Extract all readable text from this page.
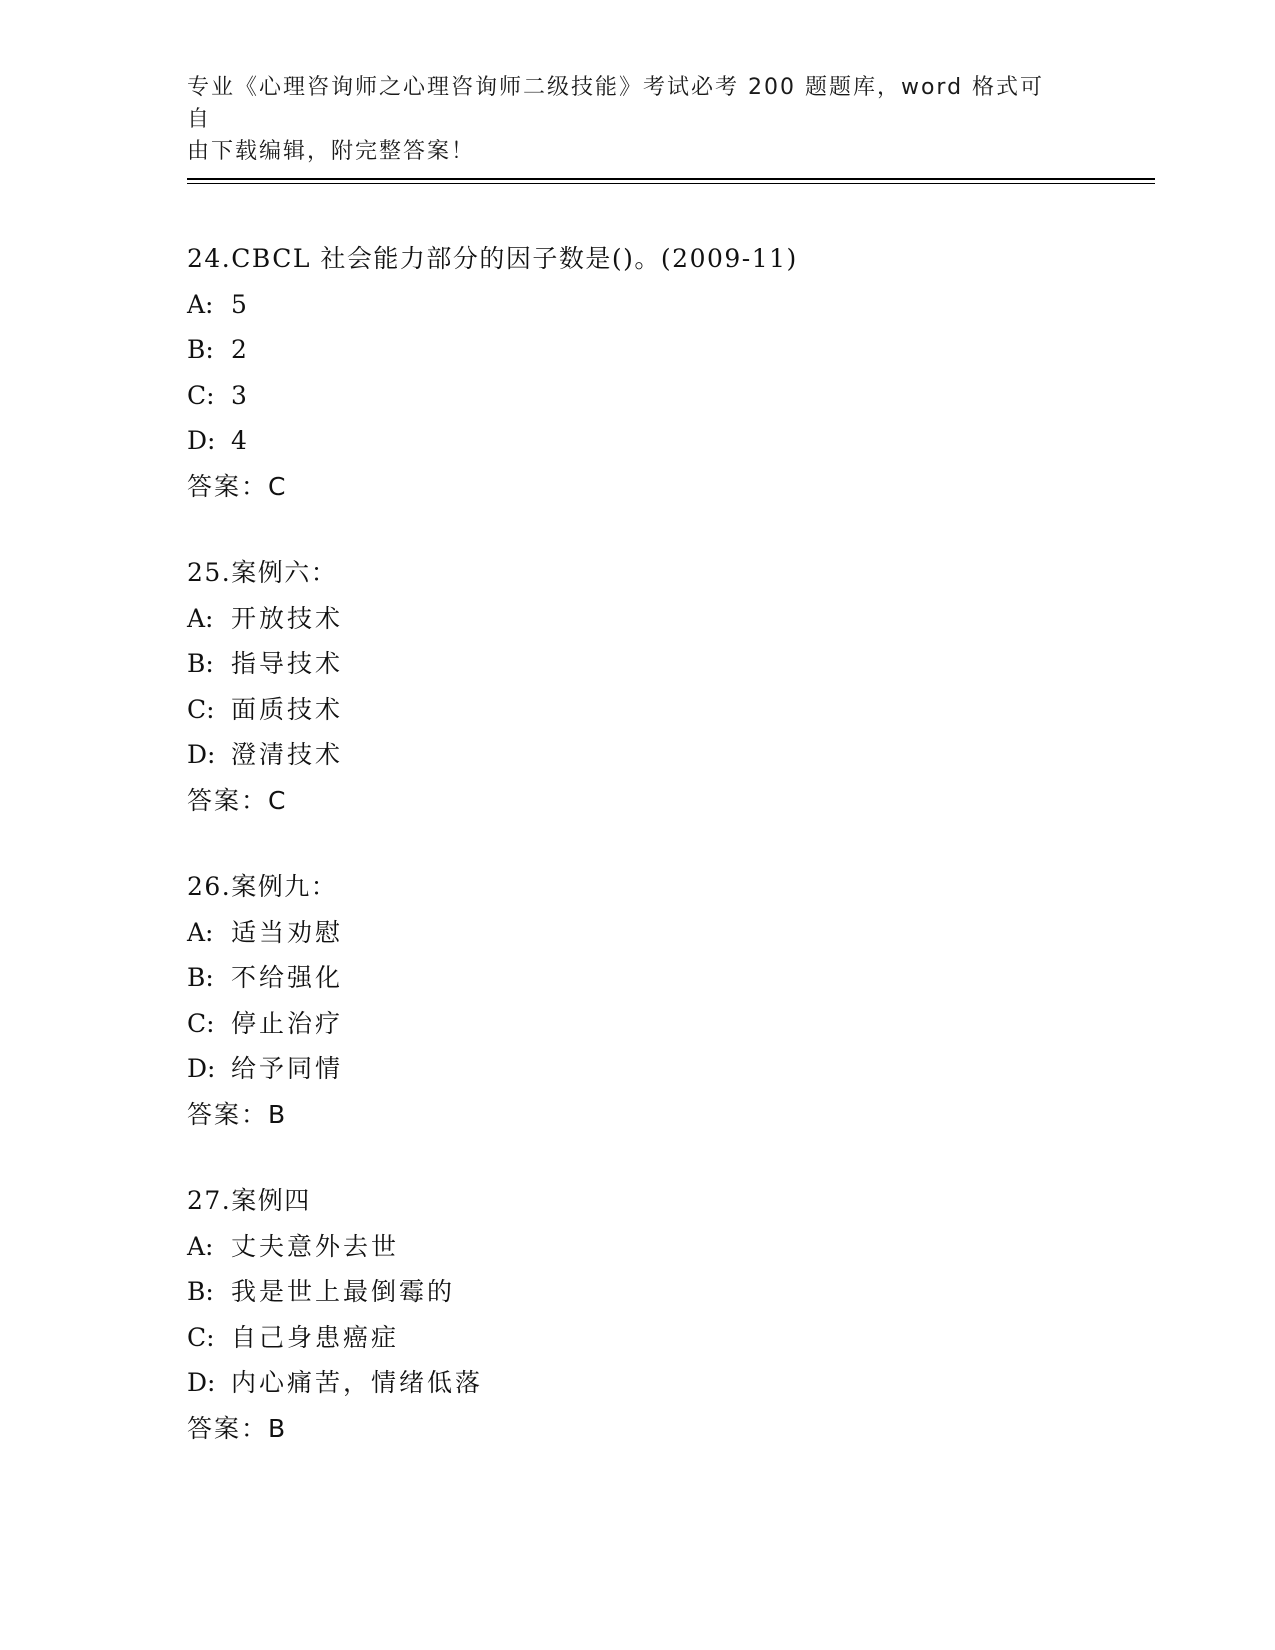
专业《心理咨询师之心理咨询师二级技能》考试必考 200 题题库，word 格式可自
由下载编辑，附完整答案！
24.CBCL 社会能力部分的因子数是()。(2009-11)
A: 5
B: 2
C: 3
D: 4
答案：C
25.案例六：
A: 开放技术
B: 指导技术
C: 面质技术
D: 澄清技术
答案：C
26.案例九：
A: 适当劝慰
B: 不给强化
C: 停止治疗
D: 给予同情
答案：B
27.案例四
A: 丈夫意外去世
B: 我是世上最倒霉的
C: 自己身患癌症
D: 内心痛苦，情绪低落
答案：B
